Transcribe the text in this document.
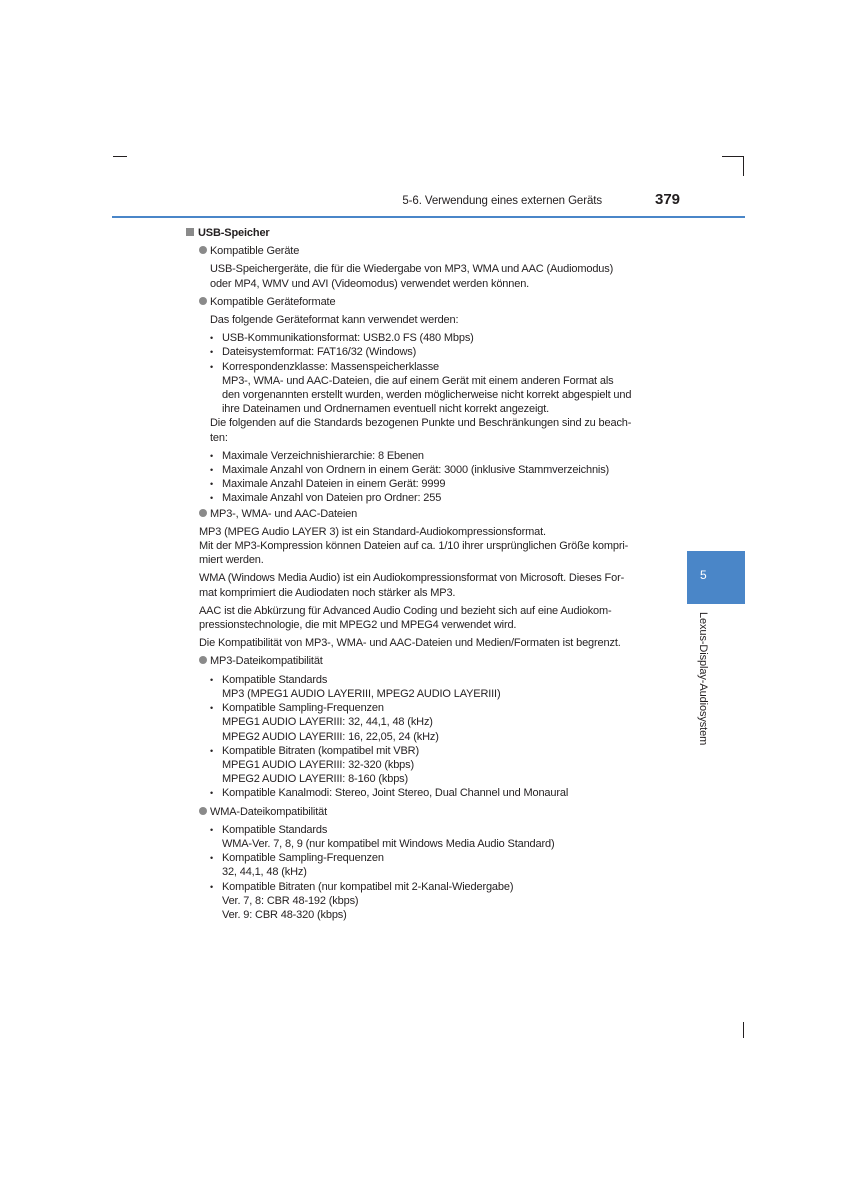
5-6. Verwendung eines externen Geräts	379
5
Lexus-Display-Audiosystem
USB-Speicher
Kompatible Geräte
USB-Speichergeräte, die für die Wiedergabe von MP3, WMA und AAC (Audiomodus)
oder MP4, WMV und AVI (Videomodus) verwendet werden können.
Kompatible Geräteformate
Das folgende Geräteformat kann verwendet werden:
• USB-Kommunikationsformat: USB2.0 FS (480 Mbps)
• Dateisystemformat: FAT16/32 (Windows)
• Korrespondenzklasse: Massenspeicherklasse
MP3-, WMA- und AAC-Dateien, die auf einem Gerät mit einem anderen Format als
den vorgenannten erstellt wurden, werden möglicherweise nicht korrekt abgespielt und
ihre Dateinamen und Ordnernamen eventuell nicht korrekt angezeigt.
Die folgenden auf die Standards bezogenen Punkte und Beschränkungen sind zu beach-
ten:
• Maximale Verzeichnishierarchie: 8 Ebenen
• Maximale Anzahl von Ordnern in einem Gerät: 3000 (inklusive Stammverzeichnis)
• Maximale Anzahl Dateien in einem Gerät: 9999
• Maximale Anzahl von Dateien pro Ordner: 255
MP3-, WMA- und AAC-Dateien
MP3 (MPEG Audio LAYER 3) ist ein Standard-Audiokompressionsformat.
Mit der MP3-Kompression können Dateien auf ca. 1/10 ihrer ursprünglichen Größe kompri-
miert werden.
WMA (Windows Media Audio) ist ein Audiokompressionsformat von Microsoft. Dieses For-
mat komprimiert die Audiodaten noch stärker als MP3.
AAC ist die Abkürzung für Advanced Audio Coding und bezieht sich auf eine Audiokom-
pressionstechnologie, die mit MPEG2 und MPEG4 verwendet wird.
Die Kompatibilität von MP3-, WMA- und AAC-Dateien und Medien/Formaten ist begrenzt.
MP3-Dateikompatibilität
• Kompatible Standards
MP3 (MPEG1 AUDIO LAYERIII, MPEG2 AUDIO LAYERIII)
• Kompatible Sampling-Frequenzen
MPEG1 AUDIO LAYERIII: 32, 44,1, 48 (kHz)
MPEG2 AUDIO LAYERIII: 16, 22,05, 24 (kHz)
• Kompatible Bitraten (kompatibel mit VBR)
MPEG1 AUDIO LAYERIII: 32-320 (kbps)
MPEG2 AUDIO LAYERIII: 8-160 (kbps)
• Kompatible Kanalmodi: Stereo, Joint Stereo, Dual Channel und Monaural
WMA-Dateikompatibilität
• Kompatible Standards
WMA-Ver. 7, 8, 9 (nur kompatibel mit Windows Media Audio Standard)
• Kompatible Sampling-Frequenzen
32, 44,1, 48 (kHz)
• Kompatible Bitraten (nur kompatibel mit 2-Kanal-Wiedergabe)
Ver. 7, 8: CBR 48-192 (kbps)
Ver. 9: CBR 48-320 (kbps)
